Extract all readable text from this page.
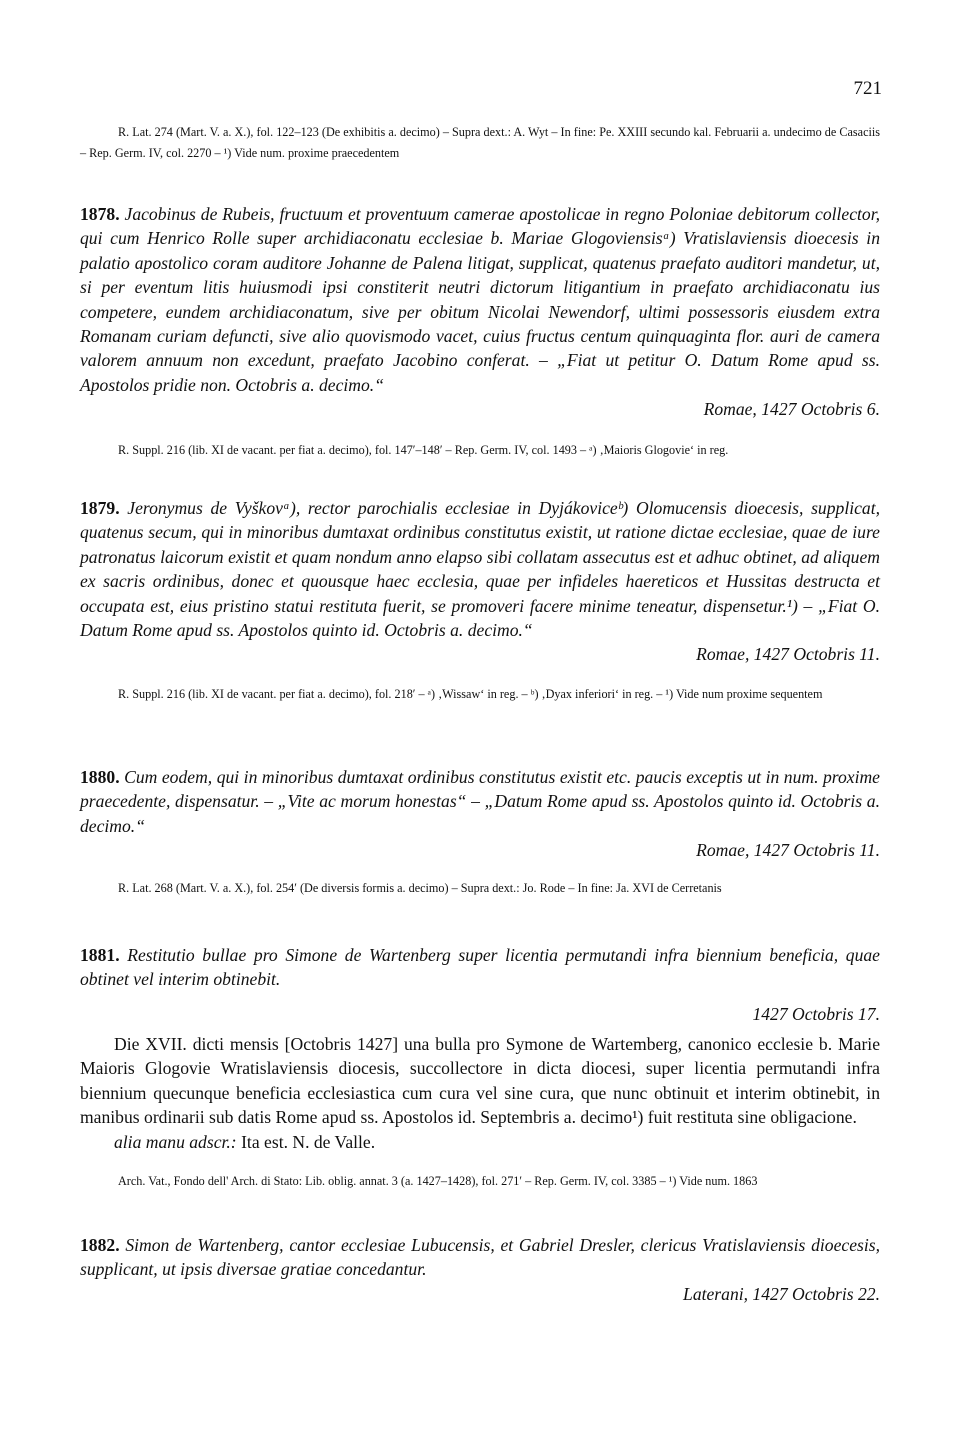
721
R. Lat. 274 (Mart. V. a. X.), fol. 122–123 (De exhibitis a. decimo) – Supra dext.: A. Wyt – In fine: Pe. XXIII secundo kal. Februarii a. undecimo de Casaciis – Rep. Germ. IV, col. 2270 – ¹) Vide num. proxime praecedentem
1878. Jacobinus de Rubeis, fructuum et proventuum camerae apostolicae in regno Poloniae debitorum collector, qui cum Henrico Rolle super archidiaconatu ecclesiae b. Mariae Glogoviensisᵃ) Vratislaviensis dioecesis in palatio apostolico coram auditore Johanne de Palena litigat, supplicat, quatenus praefato auditori mandetur, ut, si per eventum litis huiusmodi ipsi constiterit neutri dictorum litigantium in praefato archidiaconatu ius competere, eundem archidiaconatum, sive per obitum Nicolai Newendorf, ultimi possessoris eiusdem extra Romanam curiam defuncti, sive alio quovismodo vacet, cuius fructus centum quinquaginta flor. auri de camera valorem annuum non excedunt, praefato Jacobino conferat. – „Fiat ut petitur O. Datum Rome apud ss. Apostolos pridie non. Octobris a. decimo.“
Romae, 1427 Octobris 6.
R. Suppl. 216 (lib. XI de vacant. per fiat a. decimo), fol. 147′–148′ – Rep. Germ. IV, col. 1493 – ᵃ) ‚Maioris Glogovie‘ in reg.
1879. Jeronymus de Vyškovᵃ), rector parochialis ecclesiae in Dyjákoviceᵇ) Olomucensis dioecesis, supplicat, quatenus secum, qui in minoribus dumtaxat ordinibus constitutus existit, ut ratione dictae ecclesiae, quae de iure patronatus laicorum existit et quam nondum anno elapso sibi collatam assecutus est et adhuc obtinet, ad aliquem ex sacris ordinibus, donec et quousque haec ecclesia, quae per infideles haereticos et Hussitas destructa et occupata est, eius pristino statui restituta fuerit, se promoveri facere minime teneatur, dispensetur.¹) – „Fiat O. Datum Rome apud ss. Apostolos quinto id. Octobris a. decimo.“
Romae, 1427 Octobris 11.
R. Suppl. 216 (lib. XI de vacant. per fiat a. decimo), fol. 218′ – ᵃ) ‚Wissaw‘ in reg. – ᵇ) ‚Dyax inferiori‘ in reg. – ¹) Vide num proxime sequentem
1880. Cum eodem, qui in minoribus dumtaxat ordinibus constitutus existit etc. paucis exceptis ut in num. proxime praecedente, dispensatur. – „Vite ac morum honestas“ – „Datum Rome apud ss. Apostolos quinto id. Octobris a. decimo.“
Romae, 1427 Octobris 11.
R. Lat. 268 (Mart. V. a. X.), fol. 254′ (De diversis formis a. decimo) – Supra dext.: Jo. Rode – In fine: Ja. XVI de Cerretanis
1881. Restitutio bullae pro Simone de Wartenberg super licentia permutandi infra biennium beneficia, quae obtinet vel interim obtinebit.
1427 Octobris 17.
Die XVII. dicti mensis [Octobris 1427] una bulla pro Symone de Wartemberg, canonico ecclesie b. Marie Maioris Glogovie Wratislaviensis diocesis, succollectore in dicta diocesi, super licentia permutandi infra biennium quecunque beneficia ecclesiastica cum cura vel sine cura, que nunc obtinuit et interim obtinebit, in manibus ordinarii sub datis Rome apud ss. Apostolos id. Septembris a. decimo¹) fuit restituta sine obligacione.
alia manu adscr.: Ita est. N. de Valle.
Arch. Vat., Fondo dell' Arch. di Stato: Lib. oblig. annat. 3 (a. 1427–1428), fol. 271′ – Rep. Germ. IV, col. 3385 – ¹) Vide num. 1863
1882. Simon de Wartenberg, cantor ecclesiae Lubucensis, et Gabriel Dresler, clericus Vratislaviensis dioecesis, supplicant, ut ipsis diversae gratiae concedantur.
Laterani, 1427 Octobris 22.
